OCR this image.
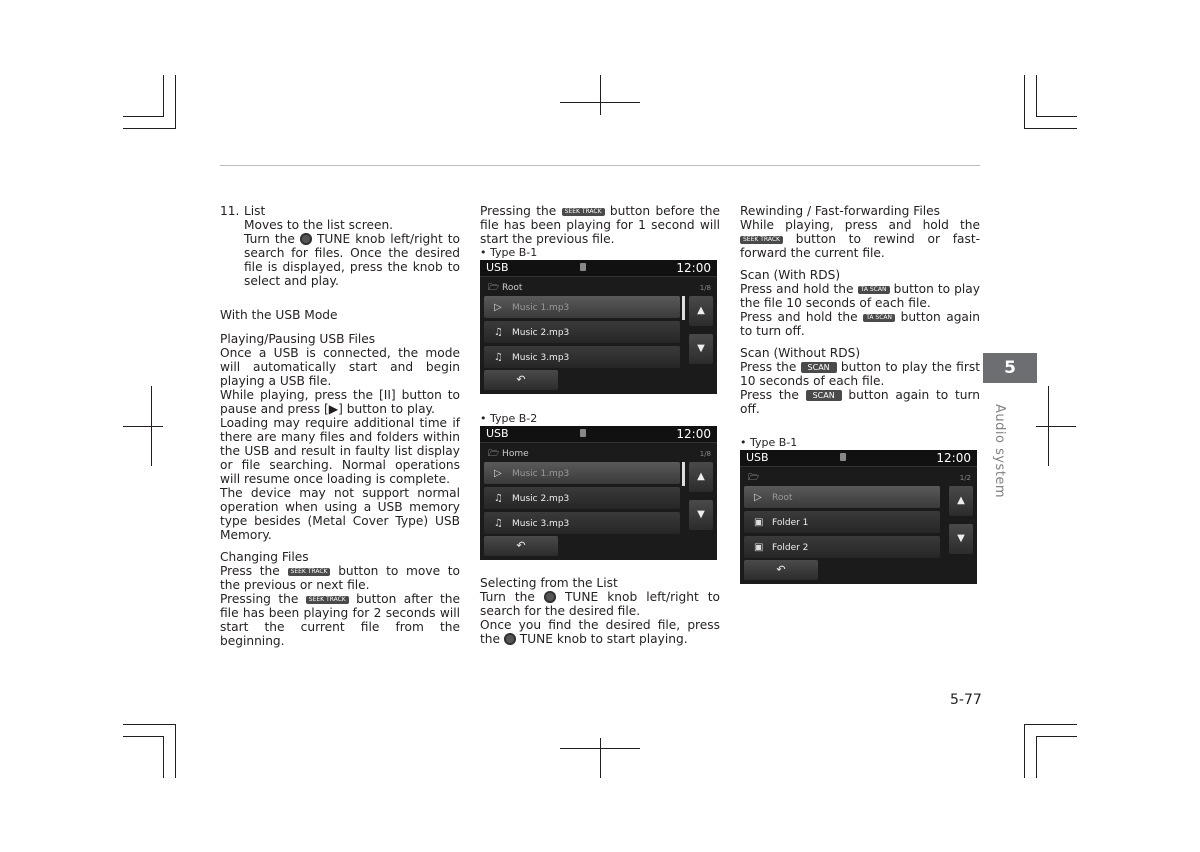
11. List

Moves to the list screen.

Turn the TUNE knob left/right to search for files. Once the desired file is displayed, press the knob to select and play.

With the USB Mode

Playing/Pausing USB Files

Once a USB is connected, the mode will automatically start and begin playing a USB file.

While playing, press the [II] button to pause and press [▶] button to play.

Loading may require additional time if there are many files and folders within the USB and result in faulty list display or file searching. Normal operations will resume once loading is complete.

The device may not support normal operation when using a USB memory type besides (Metal Cover Type) USB Memory.

Changing Files

Press the SEEK TRACK button to move to the previous or next file.

Pressing the SEEK TRACK button after the file has been playing for 2 seconds will start the current file from the beginning.

Pressing the SEEK TRACK button before the file has been playing for 1 second will start the previous file.

• Type B-1

USB	12:00
🗁 Root	1/8
▷ Music 1.mp3
♫ Music 2.mp3
♫ Music 3.mp3
▲
▼
↶

• Type B-2

USB	12:00
🗁 Home	1/8
▷ Music 1.mp3
♫ Music 2.mp3
♫ Music 3.mp3
▲
▼
↶

Selecting from the List

Turn the TUNE knob left/right to search for the desired file.

Once you find the desired file, press the TUNE knob to start playing.

Rewinding / Fast-forwarding Files

While playing, press and hold the SEEK TRACK button to rewind or fast-forward the current file.

Scan (With RDS)

Press and hold the TA SCAN button to play the file 10 seconds of each file.

Press and hold the TA SCAN button again to turn off.

Scan (Without RDS)

Press the SCAN button to play the first 10 seconds of each file.

Press the SCAN button again to turn off.

• Type B-1

USB	12:00
🗁	1/2
▷ Root
▣ Folder 1
▣ Folder 2
▲
▼
↶
5
Audio system
5-77
